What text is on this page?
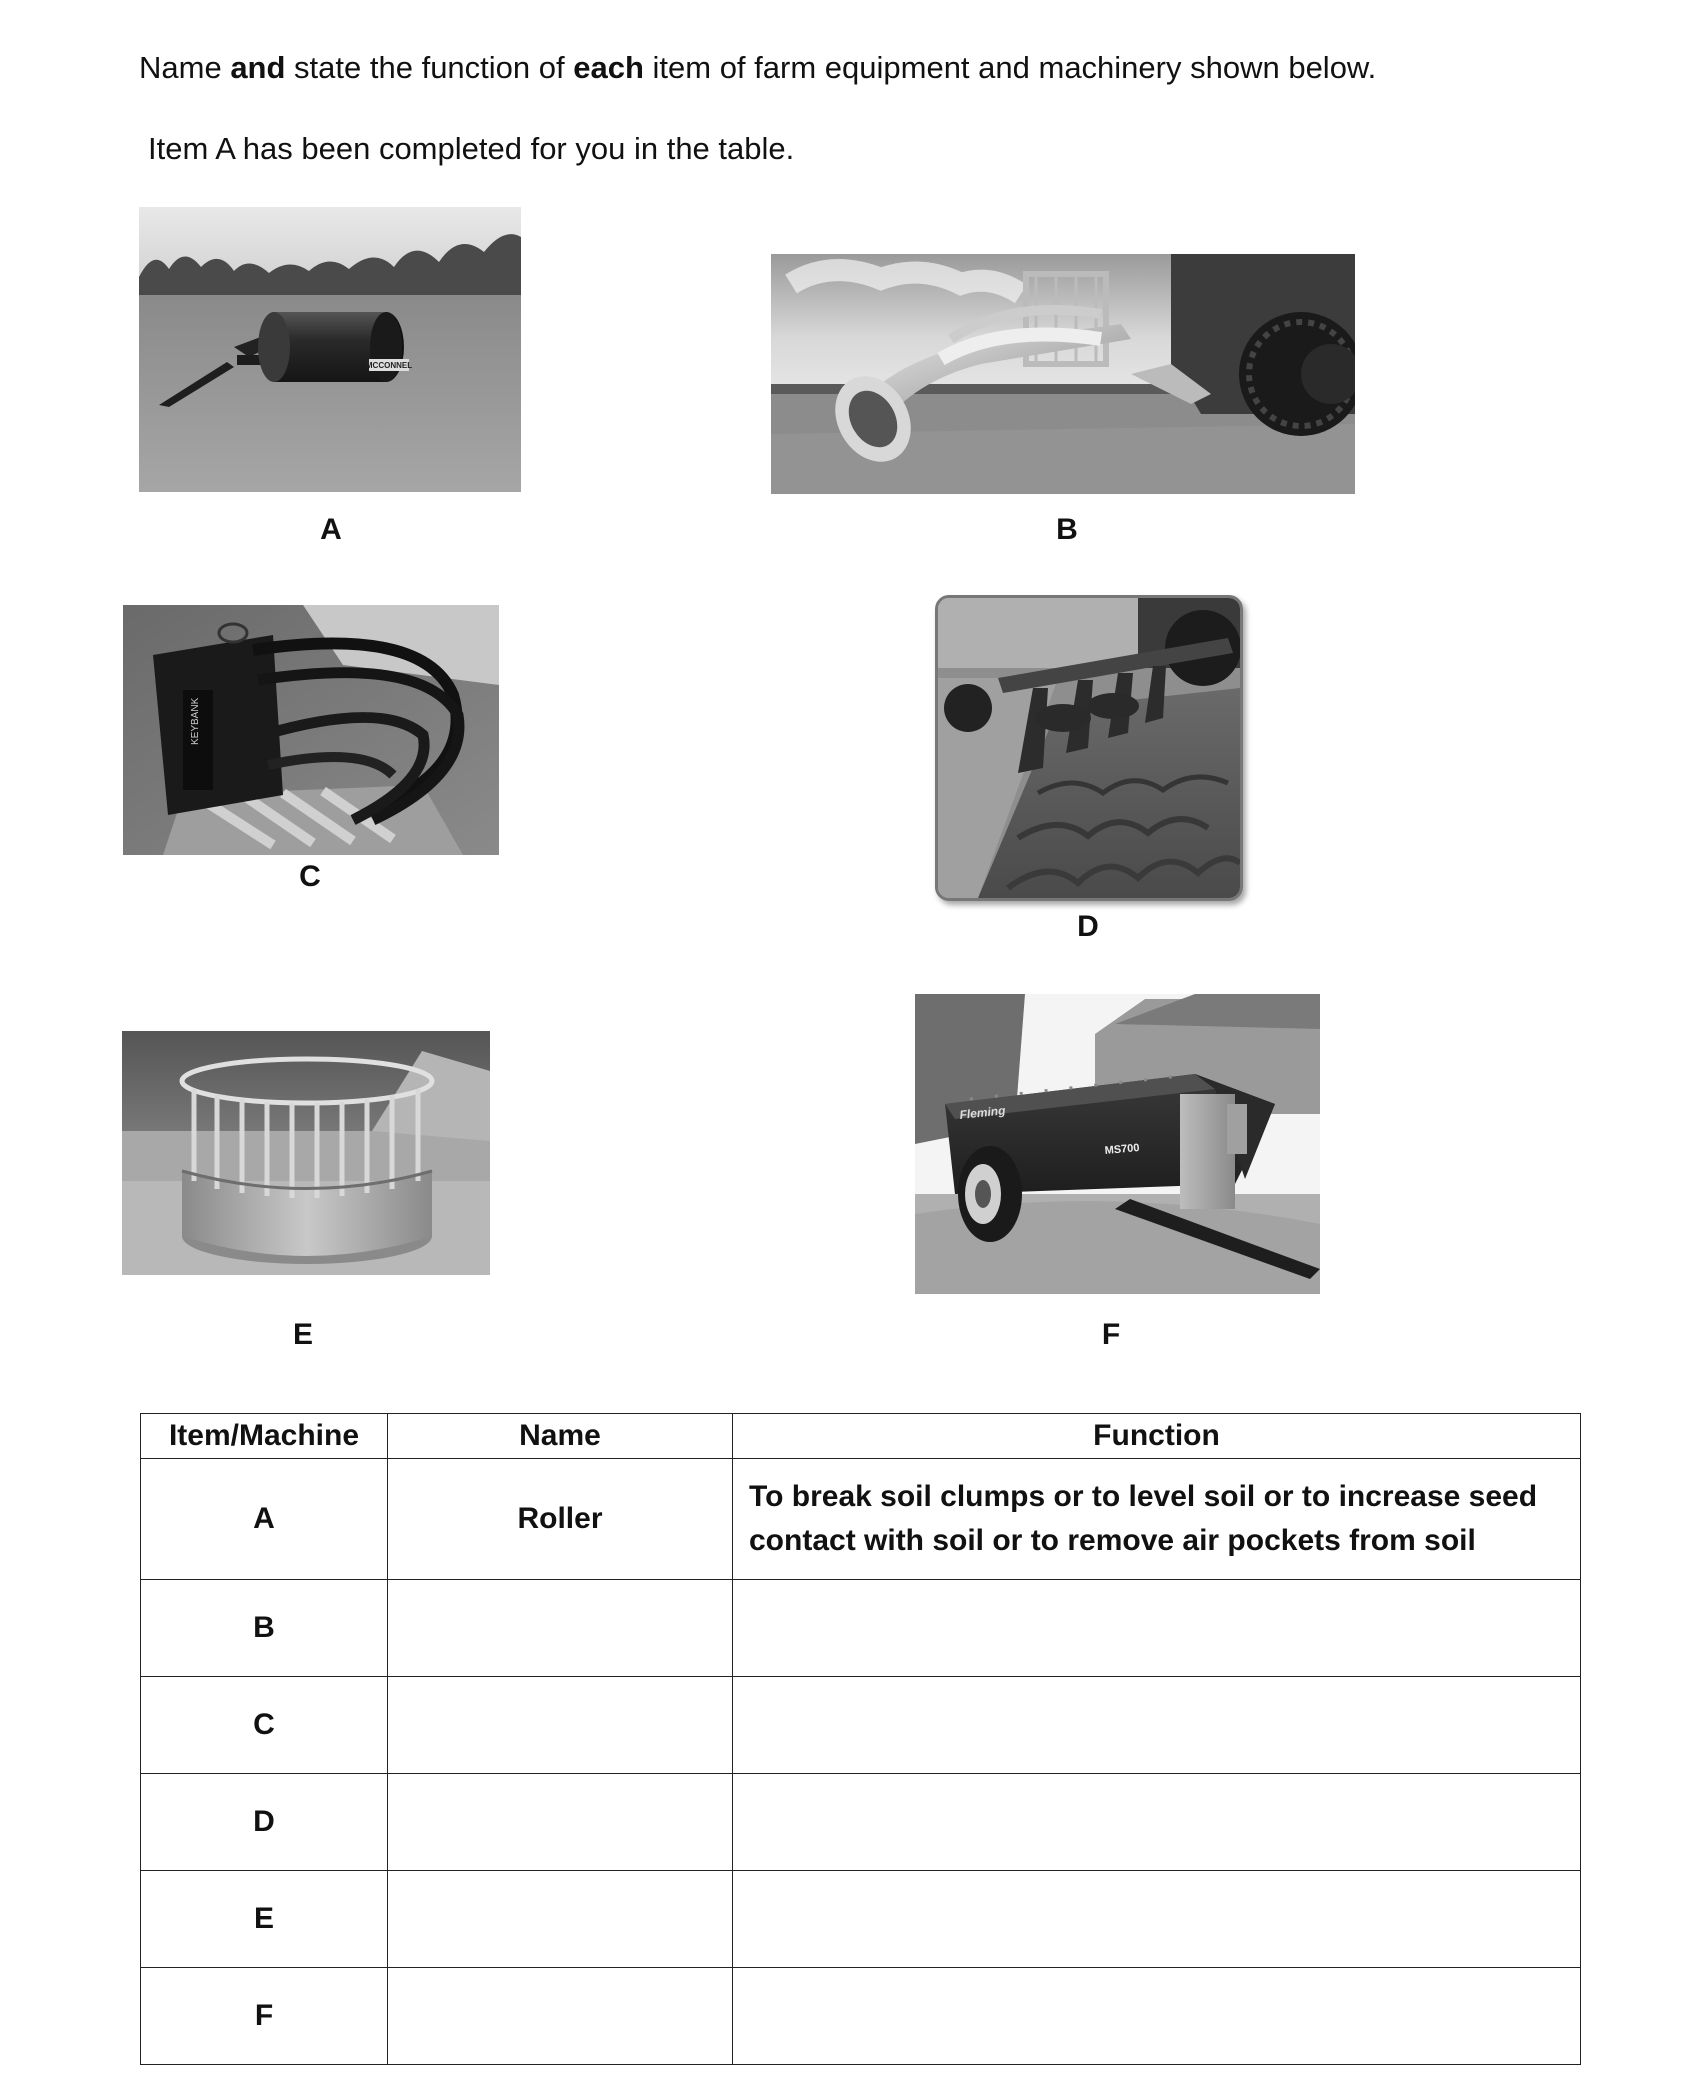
Name and state the function of each item of farm equipment and machinery shown below.
Item A has been completed for you in the table.
MCCONNEL
A	B
KEYBANK
C
D
E
Fleming
MS700
F
Item/Machine	Name	Function
A	Roller	To break soil clumps or to level soil or to increase seed contact with soil or to remove air pockets from soil
B		
C		
D		
E		
F		
